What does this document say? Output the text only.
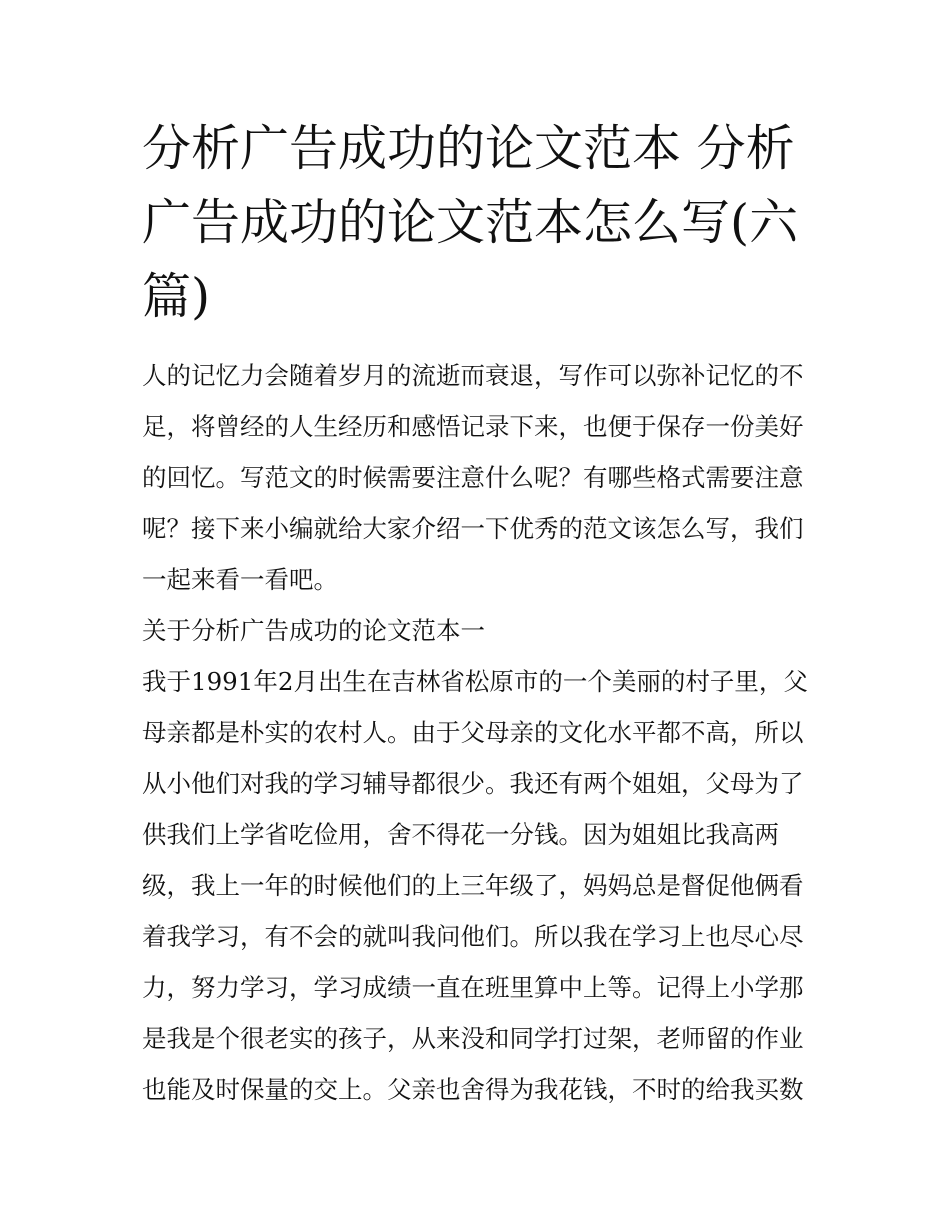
分析广告成功的论文范本 分析广告成功的论文范本怎么写(六篇)

人的记忆力会随着岁月的流逝而衰退，写作可以弥补记忆的不足，将曾经的人生经历和感悟记录下来，也便于保存一份美好的回忆。写范文的时候需要注意什么呢？有哪些格式需要注意呢？接下来小编就给大家介绍一下优秀的范文该怎么写，我们一起来看一看吧。

关于分析广告成功的论文范本一

我于1991年2月出生在吉林省松原市的一个美丽的村子里，父母亲都是朴实的农村人。由于父母亲的文化水平都不高，所以从小他们对我的学习辅导都很少。我还有两个姐姐，父母为了供我们上学省吃俭用，舍不得花一分钱。因为姐姐比我高两级，我上一年的时候他们的上三年级了，妈妈总是督促他俩看着我学习，有不会的就叫我问他们。所以我在学习上也尽心尽力，努力学习，学习成绩一直在班里算中上等。记得上小学那是我是个很老实的孩子，从来没和同学打过架，老师留的作业也能及时保量的交上。父亲也舍得为我花钱，不时的给我买数
